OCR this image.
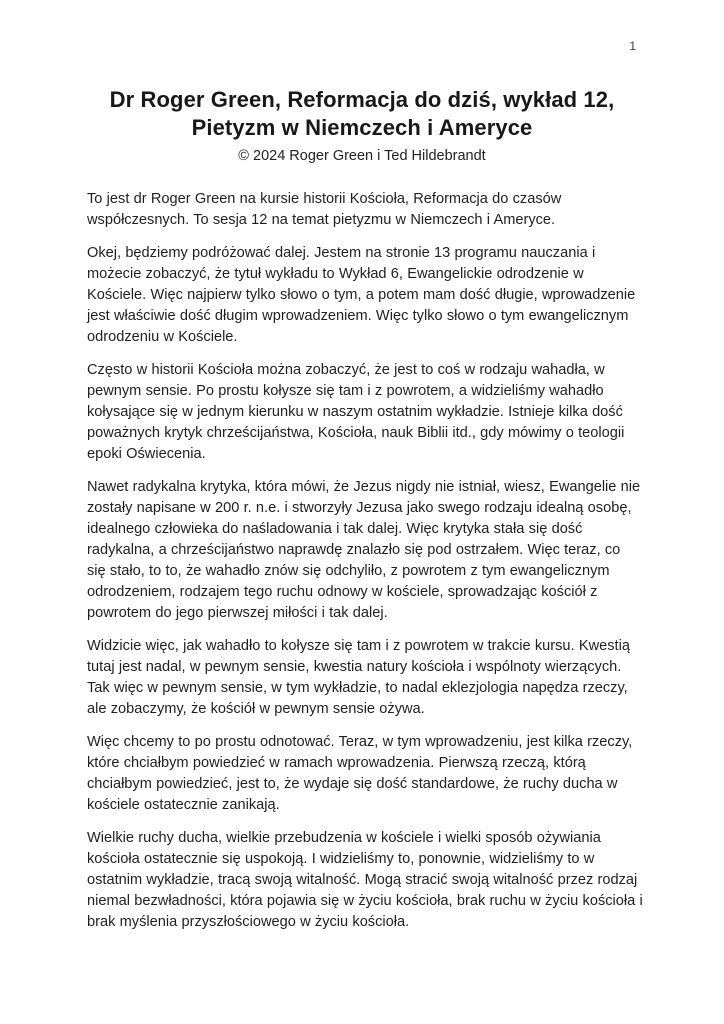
1
Dr Roger Green, Reformacja do dziś, wykład 12,
Pietyzm w Niemczech i Ameryce
© 2024 Roger Green i Ted Hildebrandt

To jest dr Roger Green na kursie historii Kościoła, Reformacja do czasów współczesnych. To sesja 12 na temat pietyzmu w Niemczech i Ameryce.

Okej, będziemy podróżować dalej. Jestem na stronie 13 programu nauczania i możecie zobaczyć, że tytuł wykładu to Wykład 6, Ewangelickie odrodzenie w Kościele. Więc najpierw tylko słowo o tym, a potem mam dość długie, wprowadzenie jest właściwie dość długim wprowadzeniem. Więc tylko słowo o tym ewangelicznym odrodzeniu w Kościele.

Często w historii Kościoła można zobaczyć, że jest to coś w rodzaju wahadła, w pewnym sensie. Po prostu kołysze się tam i z powrotem, a widzieliśmy wahadło kołysające się w jednym kierunku w naszym ostatnim wykładzie. Istnieje kilka dość poważnych krytyk chrześcijaństwa, Kościoła, nauk Biblii itd., gdy mówimy o teologii epoki Oświecenia.

Nawet radykalna krytyka, która mówi, że Jezus nigdy nie istniał, wiesz, Ewangelie nie zostały napisane w 200 r. n.e. i stworzyły Jezusa jako swego rodzaju idealną osobę, idealnego człowieka do naśladowania i tak dalej. Więc krytyka stała się dość radykalna, a chrześcijaństwo naprawdę znalazło się pod ostrzałem. Więc teraz, co się stało, to to, że wahadło znów się odchyliło, z powrotem z tym ewangelicznym odrodzeniem, rodzajem tego ruchu odnowy w kościele, sprowadzając kościół z powrotem do jego pierwszej miłości i tak dalej.

Widzicie więc, jak wahadło to kołysze się tam i z powrotem w trakcie kursu. Kwestią tutaj jest nadal, w pewnym sensie, kwestia natury kościoła i wspólnoty wierzących. Tak więc w pewnym sensie, w tym wykładzie, to nadal eklezjologia napędza rzeczy, ale zobaczymy, że kościół w pewnym sensie ożywa.

Więc chcemy to po prostu odnotować. Teraz, w tym wprowadzeniu, jest kilka rzeczy, które chciałbym powiedzieć w ramach wprowadzenia. Pierwszą rzeczą, którą chciałbym powiedzieć, jest to, że wydaje się dość standardowe, że ruchy ducha w kościele ostatecznie zanikają.

Wielkie ruchy ducha, wielkie przebudzenia w kościele i wielki sposób ożywiania kościoła ostatecznie się uspokoją. I widzieliśmy to, ponownie, widzieliśmy to w ostatnim wykładzie, tracą swoją witalność. Mogą stracić swoją witalność przez rodzaj niemal bezwładności, która pojawia się w życiu kościoła, brak ruchu w życiu kościoła i brak myślenia przyszłościowego w życiu kościoła.
